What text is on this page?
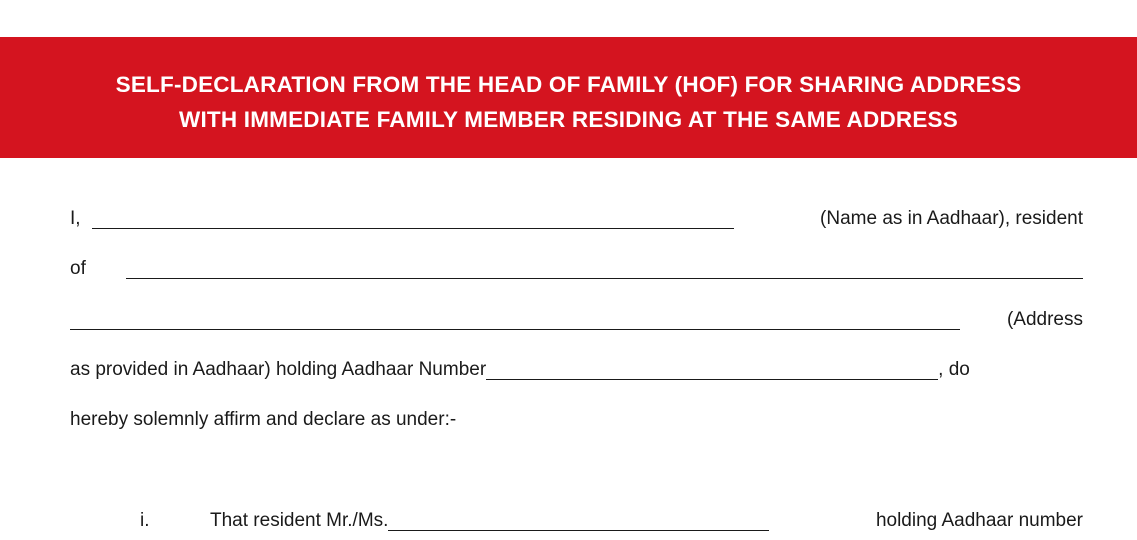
SELF-DECLARATION FROM THE HEAD OF FAMILY (HOF) FOR SHARING ADDRESS
WITH IMMEDIATE FAMILY MEMBER RESIDING AT THE SAME ADDRESS
I,	(Name as in Aadhaar), resident
of
(Address
as provided in Aadhaar) holding Aadhaar Number	, do
hereby solemnly affirm and declare as under:-
i.	That resident Mr./Ms.	holding Aadhaar number
